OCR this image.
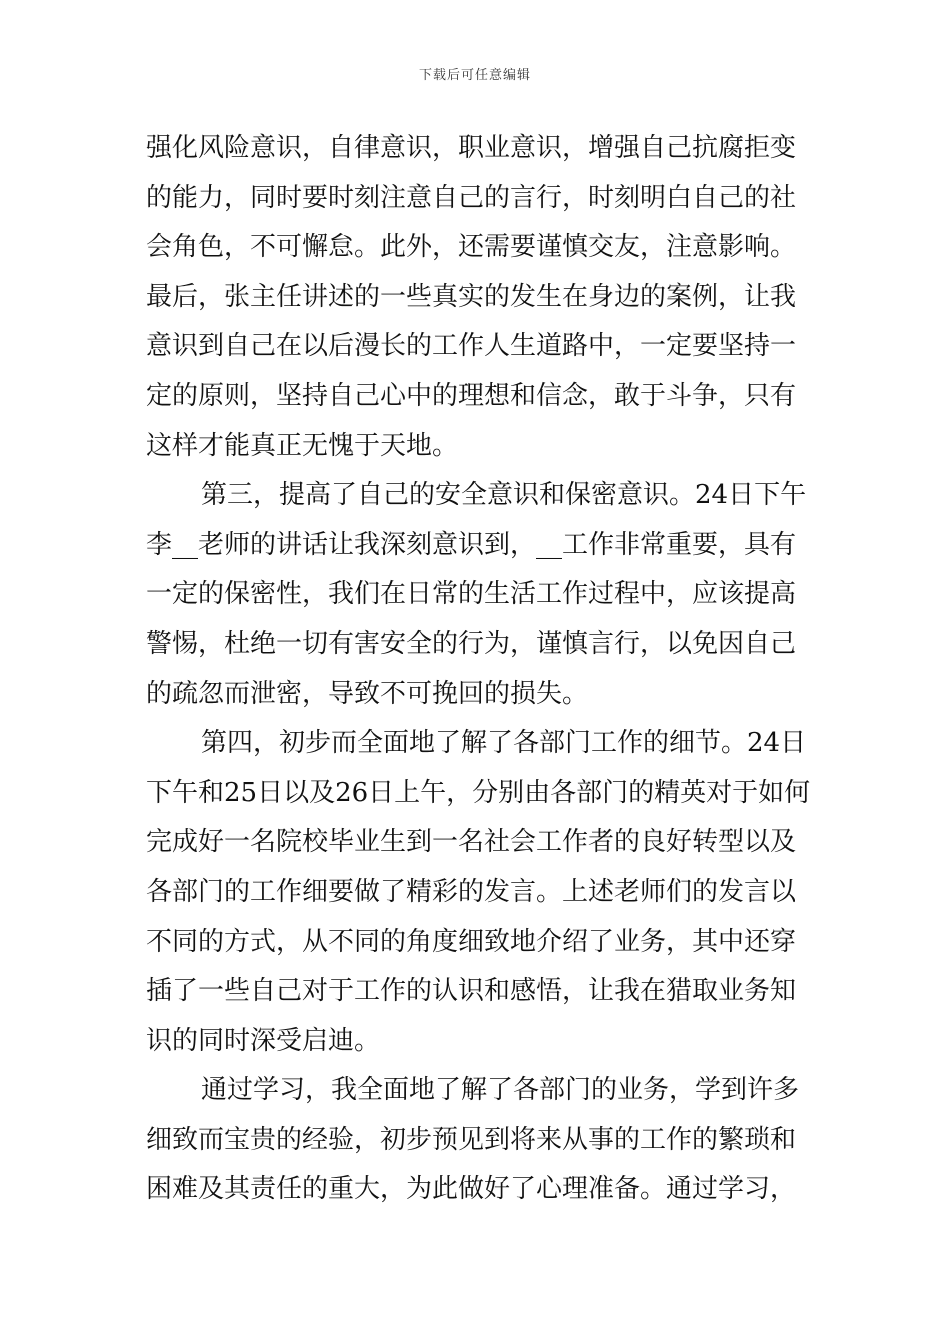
下载后可任意编辑
强化风险意识，自律意识，职业意识，增强自己抗腐拒变
的能力，同时要时刻注意自己的言行，时刻明白自己的社
会角色，不可懈怠。此外，还需要谨慎交友，注意影响。
最后，张主任讲述的一些真实的发生在身边的案例，让我
意识到自己在以后漫长的工作人生道路中，一定要坚持一
定的原则，坚持自己心中的理想和信念，敢于斗争，只有
这样才能真正无愧于天地。
第三，提高了自己的安全意识和保密意识。24日下午
李__老师的讲话让我深刻意识到，__工作非常重要，具有
一定的保密性，我们在日常的生活工作过程中，应该提高
警惕，杜绝一切有害安全的行为，谨慎言行，以免因自己
的疏忽而泄密，导致不可挽回的损失。
第四，初步而全面地了解了各部门工作的细节。24日
下午和25日以及26日上午，分别由各部门的精英对于如何
完成好一名院校毕业生到一名社会工作者的良好转型以及
各部门的工作细要做了精彩的发言。上述老师们的发言以
不同的方式，从不同的角度细致地介绍了业务，其中还穿
插了一些自己对于工作的认识和感悟，让我在猎取业务知
识的同时深受启迪。
通过学习，我全面地了解了各部门的业务，学到许多
细致而宝贵的经验，初步预见到将来从事的工作的繁琐和
困难及其责任的重大，为此做好了心理准备。通过学习，
